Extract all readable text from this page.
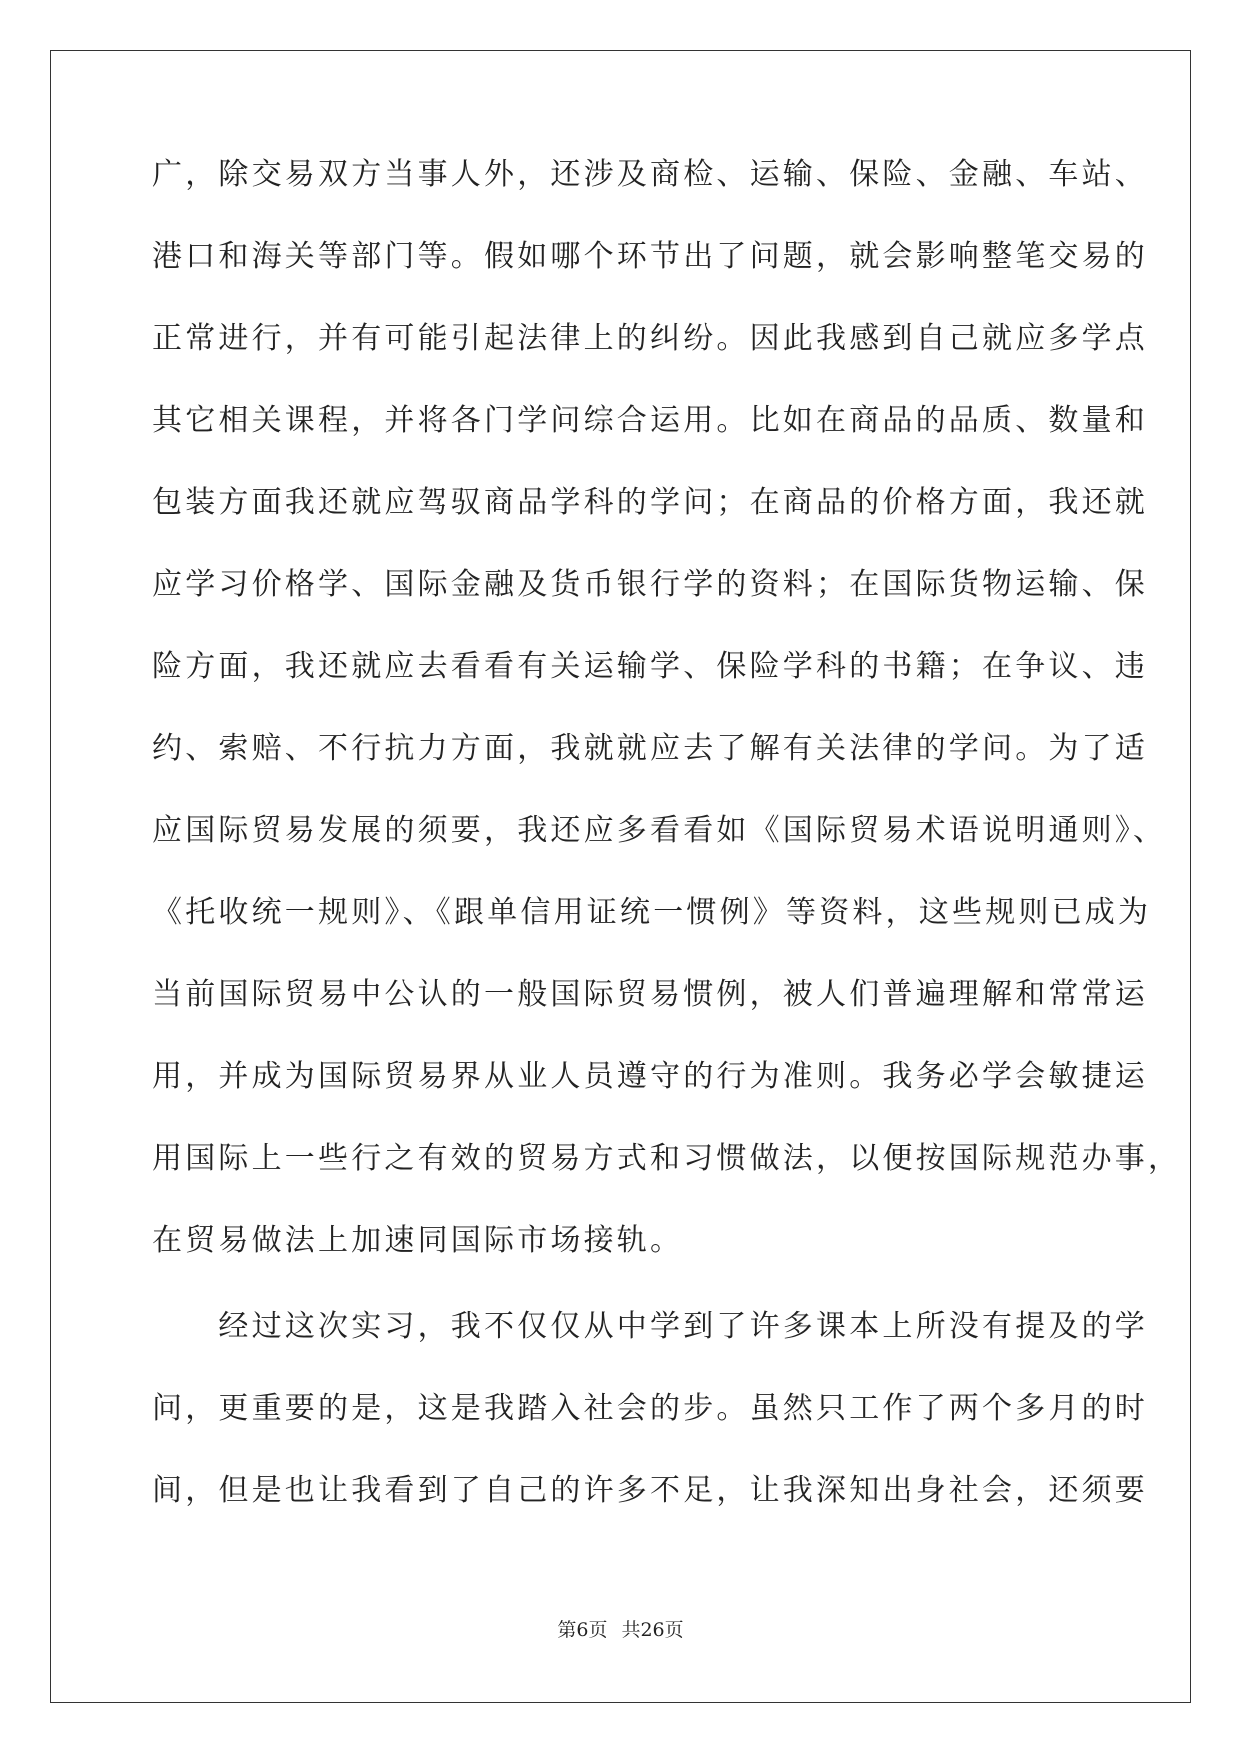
广，除交易双方当事人外，还涉及商检、运输、保险、金融、车站、
港口和海关等部门等。假如哪个环节出了问题，就会影响整笔交易的
正常进行，并有可能引起法律上的纠纷。因此我感到自己就应多学点
其它相关课程，并将各门学问综合运用。比如在商品的品质、数量和
包装方面我还就应驾驭商品学科的学问；在商品的价格方面，我还就
应学习价格学、国际金融及货币银行学的资料；在国际货物运输、保
险方面，我还就应去看看有关运输学、保险学科的书籍；在争议、违
约、索赔、不行抗力方面，我就就应去了解有关法律的学问。为了适
应国际贸易发展的须要，我还应多看看如《国际贸易术语说明通则》、
《托收统一规则》、《跟单信用证统一惯例》等资料，这些规则已成为
当前国际贸易中公认的一般国际贸易惯例，被人们普遍理解和常常运
用，并成为国际贸易界从业人员遵守的行为准则。我务必学会敏捷运
用国际上一些行之有效的贸易方式和习惯做法，以便按国际规范办事，
在贸易做法上加速同国际市场接轨。
　　经过这次实习，我不仅仅从中学到了许多课本上所没有提及的学
问，更重要的是，这是我踏入社会的步。虽然只工作了两个多月的时
间，但是也让我看到了自己的许多不足，让我深知出身社会，还须要
第6页 共26页
